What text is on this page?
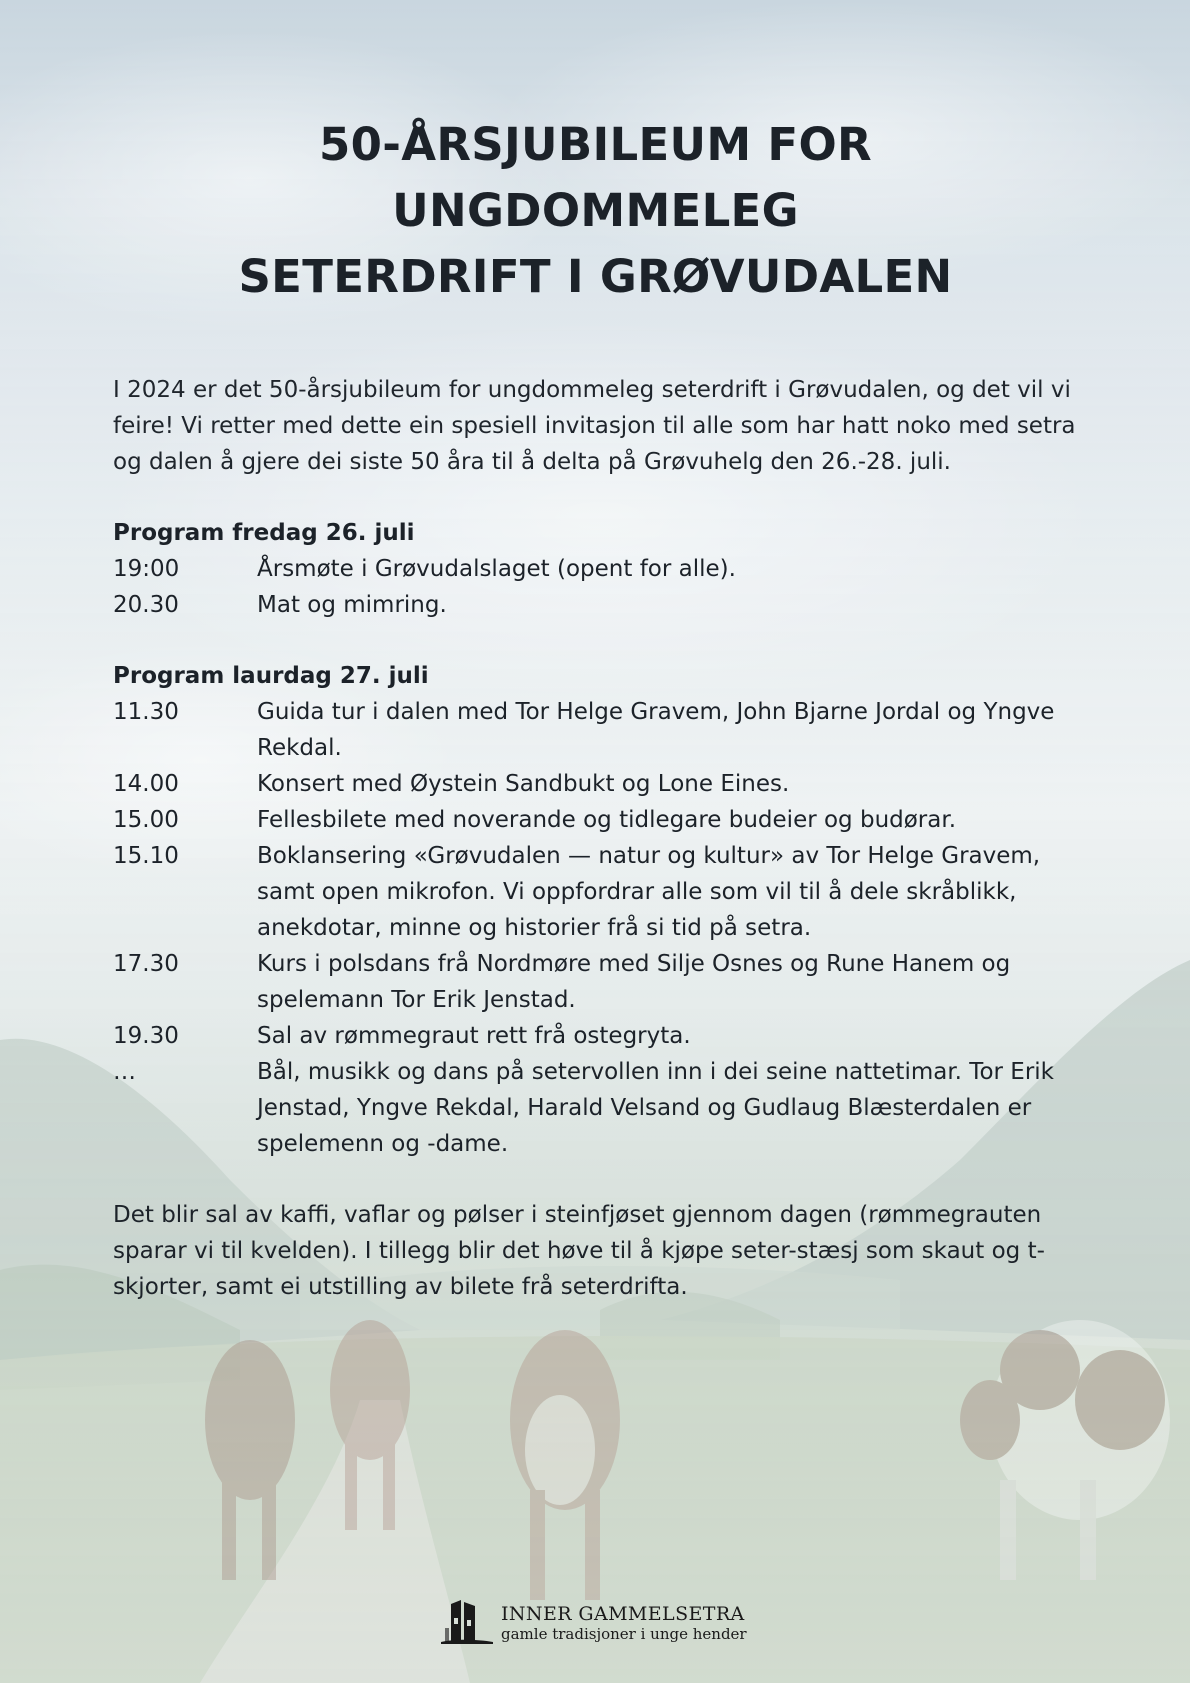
50-ÅRSJUBILEUM FOR UNGDOMMELEG
SETERDRIFT I GRØVUDALEN

I 2024 er det 50-årsjubileum for ungdommeleg seterdrift i Grøvudalen, og det vil vi feire! Vi retter med dette ein spesiell invitasjon til alle som har hatt noko med setra og dalen å gjere dei siste 50 åra til å delta på Grøvuhelg den 26.-28. juli.

Program fredag 26. juli

19:00	Årsmøte i Grøvudalslaget (opent for alle).
20.30	Mat og mimring.

Program laurdag 27. juli

11.30	Guida tur i dalen med Tor Helge Gravem, John Bjarne Jordal og Yngve Rekdal.
14.00	Konsert med Øystein Sandbukt og Lone Eines.
15.00	Fellesbilete med noverande og tidlegare budeier og budørar.
15.10	Boklansering «Grøvudalen — natur og kultur» av Tor Helge Gravem, samt open mikrofon. Vi oppfordrar alle som vil til å dele skråblikk, anekdotar, minne og historier frå si tid på setra.
17.30	Kurs i polsdans frå Nordmøre med Silje Osnes og Rune Hanem og spelemann Tor Erik Jenstad.
19.30	Sal av rømmegraut rett frå ostegryta.
…	Bål, musikk og dans på setervollen inn i dei seine nattetimar. Tor Erik Jenstad, Yngve Rekdal, Harald Velsand og Gudlaug Blæsterdalen er spelemenn og -dame.

Det blir sal av kaffi, vaflar og pølser i steinfjøset gjennom dagen (rømmegrauten sparar vi til kvelden). I tillegg blir det høve til å kjøpe seter-stæsj som skaut og t-skjorter, samt ei utstilling av bilete frå seterdrifta.

INNER GAMMELSETRA
gamle tradisjoner i unge hender
